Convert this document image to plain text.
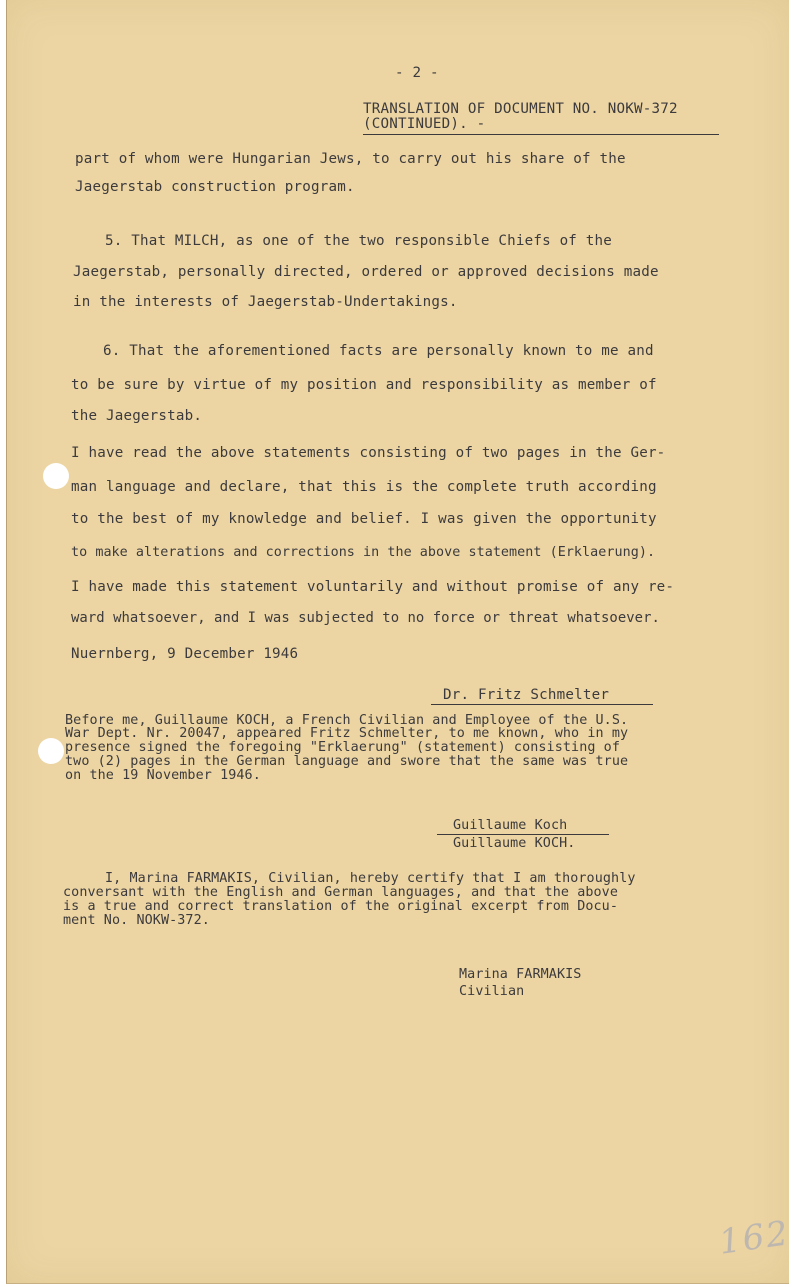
- 2 -
TRANSLATION OF DOCUMENT NO. NOKW-372
(CONTINUED). -
part of whom were Hungarian Jews, to carry out his share of the
Jaegerstab construction program.
5. That MILCH, as one of the two responsible Chiefs of the
Jaegerstab, personally directed, ordered or approved decisions made
in the interests of Jaegerstab-Undertakings.
6. That the aforementioned facts are personally known to me and
to be sure by virtue of my position and responsibility as member of
the Jaegerstab.
I have read the above statements consisting of two pages in the Ger-
man language and declare, that this is the complete truth according
to the best of my knowledge and belief. I was given the opportunity
to make alterations and corrections in the above statement (Erklaerung).
I have made this statement voluntarily and without promise of any re-
ward whatsoever, and I was subjected to no force or threat whatsoever.
Nuernberg, 9 December 1946
Dr. Fritz Schmelter
Before me, Guillaume KOCH, a French Civilian and Employee of the U.S.
War Dept. Nr. 20047, appeared Fritz Schmelter, to me known, who in my
presence signed the foregoing "Erklaerung" (statement) consisting of
two (2) pages in the German language and swore that the same was true
on the 19 November 1946.
Guillaume Koch
Guillaume KOCH.
I, Marina FARMAKIS, Civilian, hereby certify that I am thoroughly
conversant with the English and German languages, and that the above
is a true and correct translation of the original excerpt from Docu-
ment No. NOKW-372.
Marina FARMAKIS
Civilian
162
